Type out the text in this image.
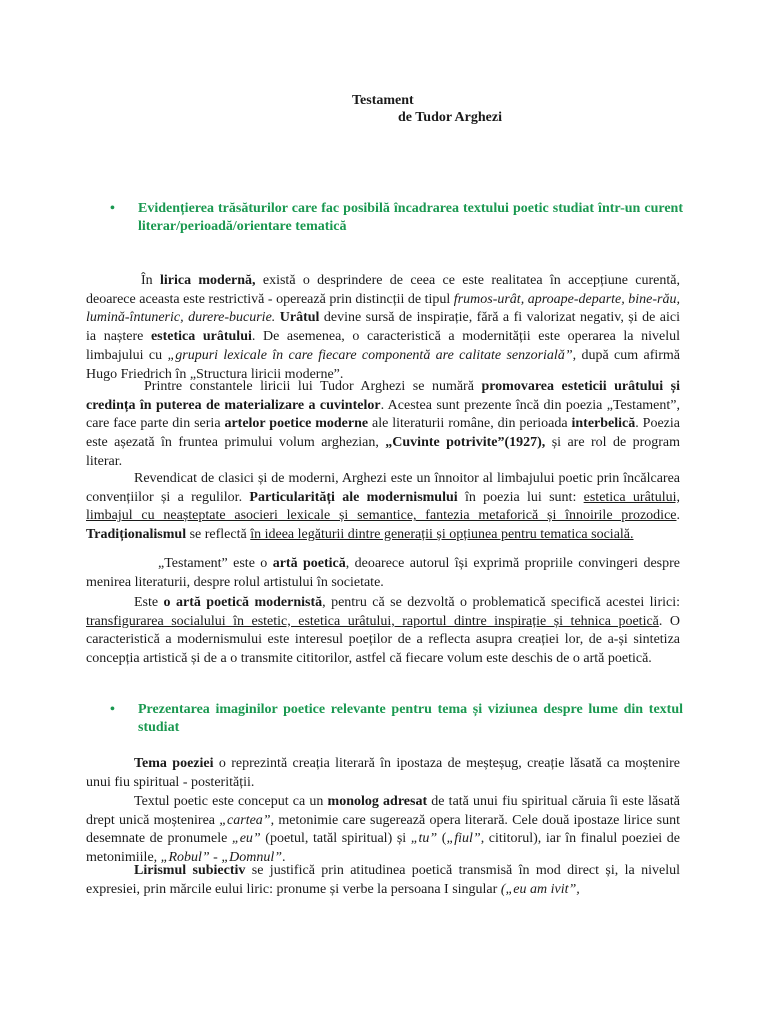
Testament
de Tudor Arghezi
• Evidențierea trăsăturilor care fac posibilă încadrarea textului poetic studiat într-un curent literar/perioadă/orientare tematică
În lirica modernă, există o desprindere de ceea ce este realitatea în accepțiune curentă, deoarece aceasta este restrictivă - operează prin distincții de tipul frumos-urât, aproape-departe, bine-rău, lumină-întuneric, durere-bucurie. Urâtul devine sursă de inspirație, fără a fi valorizat negativ, și de aici ia naștere estetica urâtului. De asemenea, o caracteristică a modernității este operarea la nivelul limbajului cu „grupuri lexicale în care fiecare componentă are calitate senzorială”, după cum afirmă Hugo Friedrich în „Structura liricii moderne”.
Printre constantele liricii lui Tudor Arghezi se numără promovarea esteticii urâtului și credința în puterea de materializare a cuvintelor. Acestea sunt prezente încă din poezia „Testament”, care face parte din seria artelor poetice moderne ale literaturii române, din perioada interbelică. Poezia este așezată în fruntea primului volum arghezian, „Cuvinte potrivite”(1927), și are rol de program literar.
Revendicat de clasici și de moderni, Arghezi este un înnoitor al limbajului poetic prin încălcarea convențiilor și a regulilor. Particularități ale modernismului în poezia lui sunt: estetica urâtului, limbajul cu neașteptate asocieri lexicale și semantice, fantezia metaforică și înnoirile prozodice. Tradiționalismul se reflectă în ideea legăturii dintre generații și opțiunea pentru tematica socială.
„Testament” este o artă poetică, deoarece autorul își exprimă propriile convingeri despre menirea literaturii, despre rolul artistului în societate.
Este o artă poetică modernistă, pentru că se dezvoltă o problematică specifică acestei lirici: transfigurarea socialului în estetic, estetica urâtului, raportul dintre inspirație și tehnica poetică. O caracteristică a modernismului este interesul poeților de a reflecta asupra creației lor, de a-și sintetiza concepția artistică și de a o transmite cititorilor, astfel că fiecare volum este deschis de o artă poetică.
• Prezentarea imaginilor poetice relevante pentru tema și viziunea despre lume din textul studiat
Tema poeziei o reprezintă creația literară în ipostaza de meșteșug, creație lăsată ca moștenire unui fiu spiritual - posterității.
Textul poetic este conceput ca un monolog adresat de tată unui fiu spiritual căruia îi este lăsată drept unică moștenirea „cartea”, metonimie care sugerează opera literară. Cele două ipostaze lirice sunt desemnate de pronumele „eu” (poetul, tatăl spiritual) și „tu” („fiul”, cititorul), iar în finalul poeziei de metonimiile, „Robul” - „Domnul”.
Lirismul subiectiv se justifică prin atitudinea poetică transmisă în mod direct și, la nivelul expresiei, prin mărcile eului liric: pronume și verbe la persoana I singular („eu am ivit”,
